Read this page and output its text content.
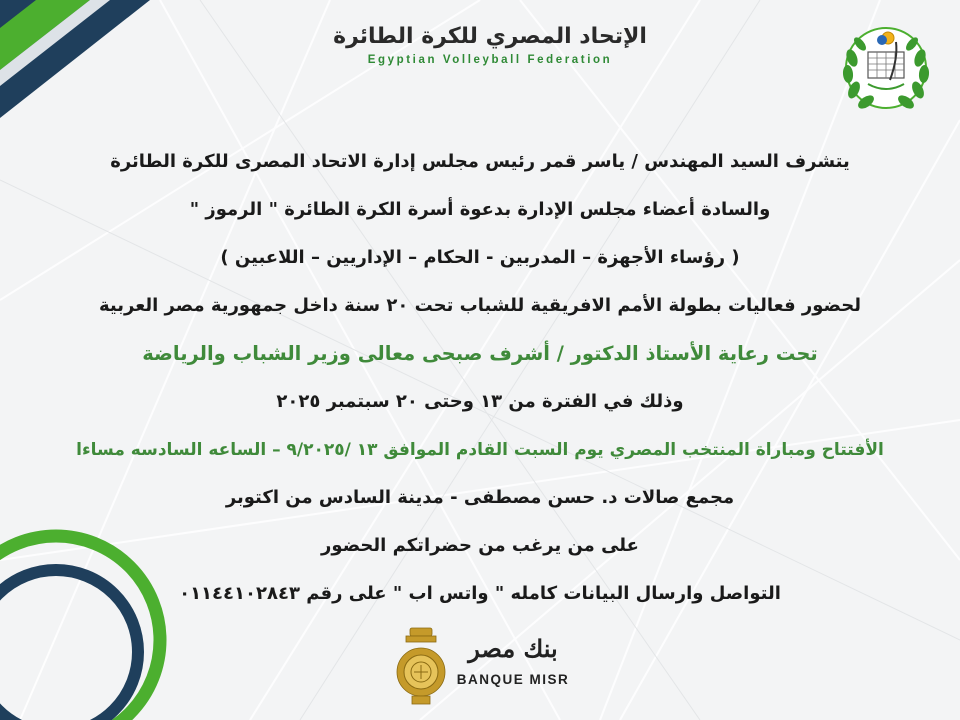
الإتحاد المصري للكرة الطائرة
Egyptian Volleyball Federation
يتشرف السيد المهندس / ياسر قمر رئيس مجلس إدارة الاتحاد المصرى للكرة الطائرة
والسادة أعضاء مجلس الإدارة بدعوة أسرة الكرة الطائرة " الرموز "
( رؤساء الأجهزة – المدربين - الحكام – الإداريين – اللاعبين )
لحضور فعاليات بطولة الأمم الافريقية للشباب تحت ٢٠ سنة داخل جمهورية مصر العربية
تحت رعاية الأستاذ الدكتور / أشرف صبحى معالى وزير الشباب والرياضة
وذلك في الفترة من ١٣ وحتى ٢٠ سبتمبر ٢٠٢٥
الأفتتاح ومباراة المنتخب المصري يوم السبت القادم الموافق ١٣ /٩/٢٠٢٥ – الساعه السادسه مساءا
مجمع صالات د. حسن مصطفى - مدينة السادس من اكتوبر
على من يرغب من حضراتكم الحضور
التواصل وارسال البيانات كامله " واتس اب " على رقم ٠١١٤٤١٠٢٨٤٣
بنك مصر
BANQUE MISR
